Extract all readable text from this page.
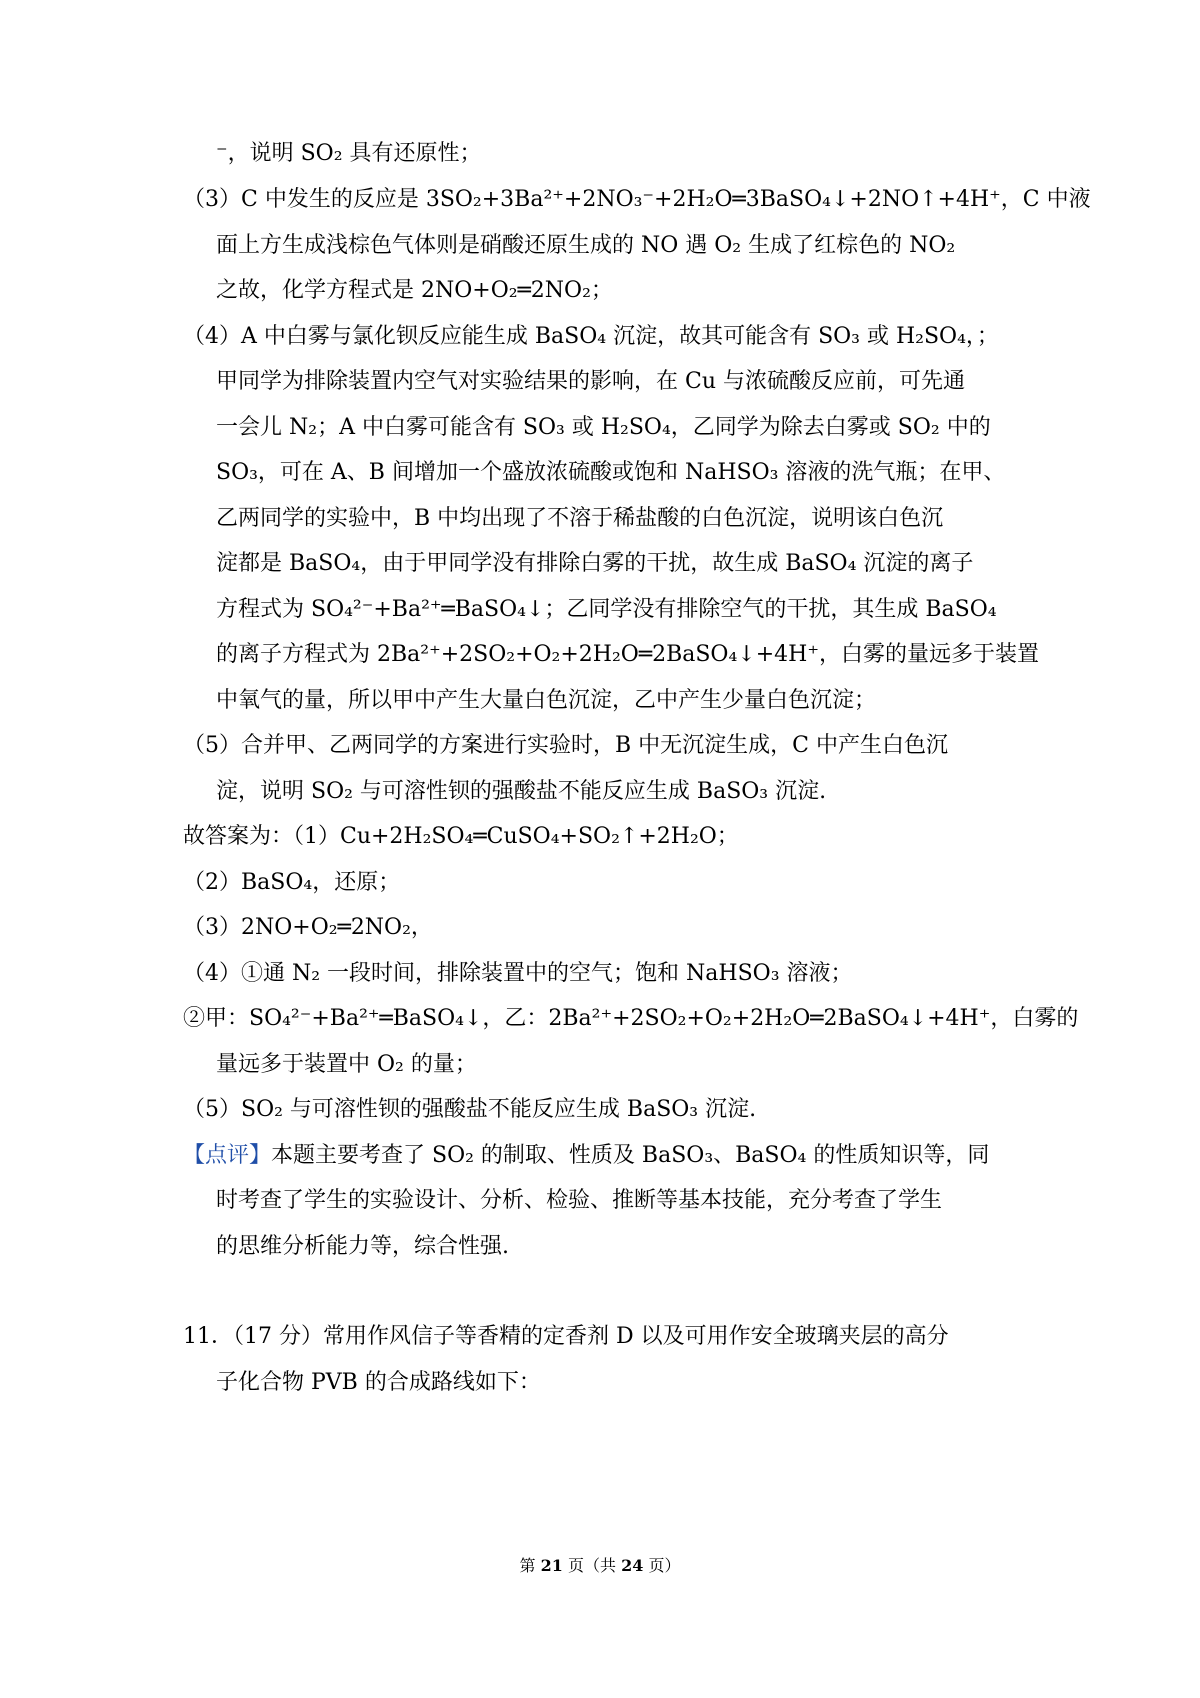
⁻，说明 SO₂ 具有还原性；
（3）C 中发生的反应是 3SO₂+3Ba²⁺+2NO₃⁻+2H₂O═3BaSO₄↓+2NO↑+4H⁺，C 中液
面上方生成浅棕色气体则是硝酸还原生成的 NO 遇 O₂ 生成了红棕色的 NO₂
之故，化学方程式是 2NO+O₂═2NO₂；
（4）A 中白雾与氯化钡反应能生成 BaSO₄ 沉淀，故其可能含有 SO₃ 或 H₂SO₄，；
甲同学为排除装置内空气对实验结果的影响，在 Cu 与浓硫酸反应前，可先通
一会儿 N₂；A 中白雾可能含有 SO₃ 或 H₂SO₄，乙同学为除去白雾或 SO₂ 中的
SO₃，可在 A、B 间增加一个盛放浓硫酸或饱和 NaHSO₃ 溶液的洗气瓶；在甲、
乙两同学的实验中，B 中均出现了不溶于稀盐酸的白色沉淀，说明该白色沉
淀都是 BaSO₄，由于甲同学没有排除白雾的干扰，故生成 BaSO₄ 沉淀的离子
方程式为 SO₄²⁻+Ba²⁺═BaSO₄↓；乙同学没有排除空气的干扰，其生成 BaSO₄
的离子方程式为 2Ba²⁺+2SO₂+O₂+2H₂O═2BaSO₄↓+4H⁺，白雾的量远多于装置
中氧气的量，所以甲中产生大量白色沉淀，乙中产生少量白色沉淀；
（5）合并甲、乙两同学的方案进行实验时，B 中无沉淀生成，C 中产生白色沉
淀，说明 SO₂ 与可溶性钡的强酸盐不能反应生成 BaSO₃ 沉淀.
故答案为：（1）Cu+2H₂SO₄═CuSO₄+SO₂↑+2H₂O；
（2）BaSO₄，还原；
（3）2NO+O₂═2NO₂，
（4）①通 N₂ 一段时间，排除装置中的空气；饱和 NaHSO₃ 溶液；
②甲：SO₄²⁻+Ba²⁺═BaSO₄↓，乙：2Ba²⁺+2SO₂+O₂+2H₂O═2BaSO₄↓+4H⁺，白雾的
量远多于装置中 O₂ 的量；
（5）SO₂ 与可溶性钡的强酸盐不能反应生成 BaSO₃ 沉淀.
【点评】本题主要考查了 SO₂ 的制取、性质及 BaSO₃、BaSO₄ 的性质知识等，同
时考查了学生的实验设计、分析、检验、推断等基本技能，充分考查了学生
的思维分析能力等，综合性强.
11．（17 分）常用作风信子等香精的定香剂 D 以及可用作安全玻璃夹层的高分
子化合物 PVB 的合成路线如下：
第 21 页（共 24 页）
